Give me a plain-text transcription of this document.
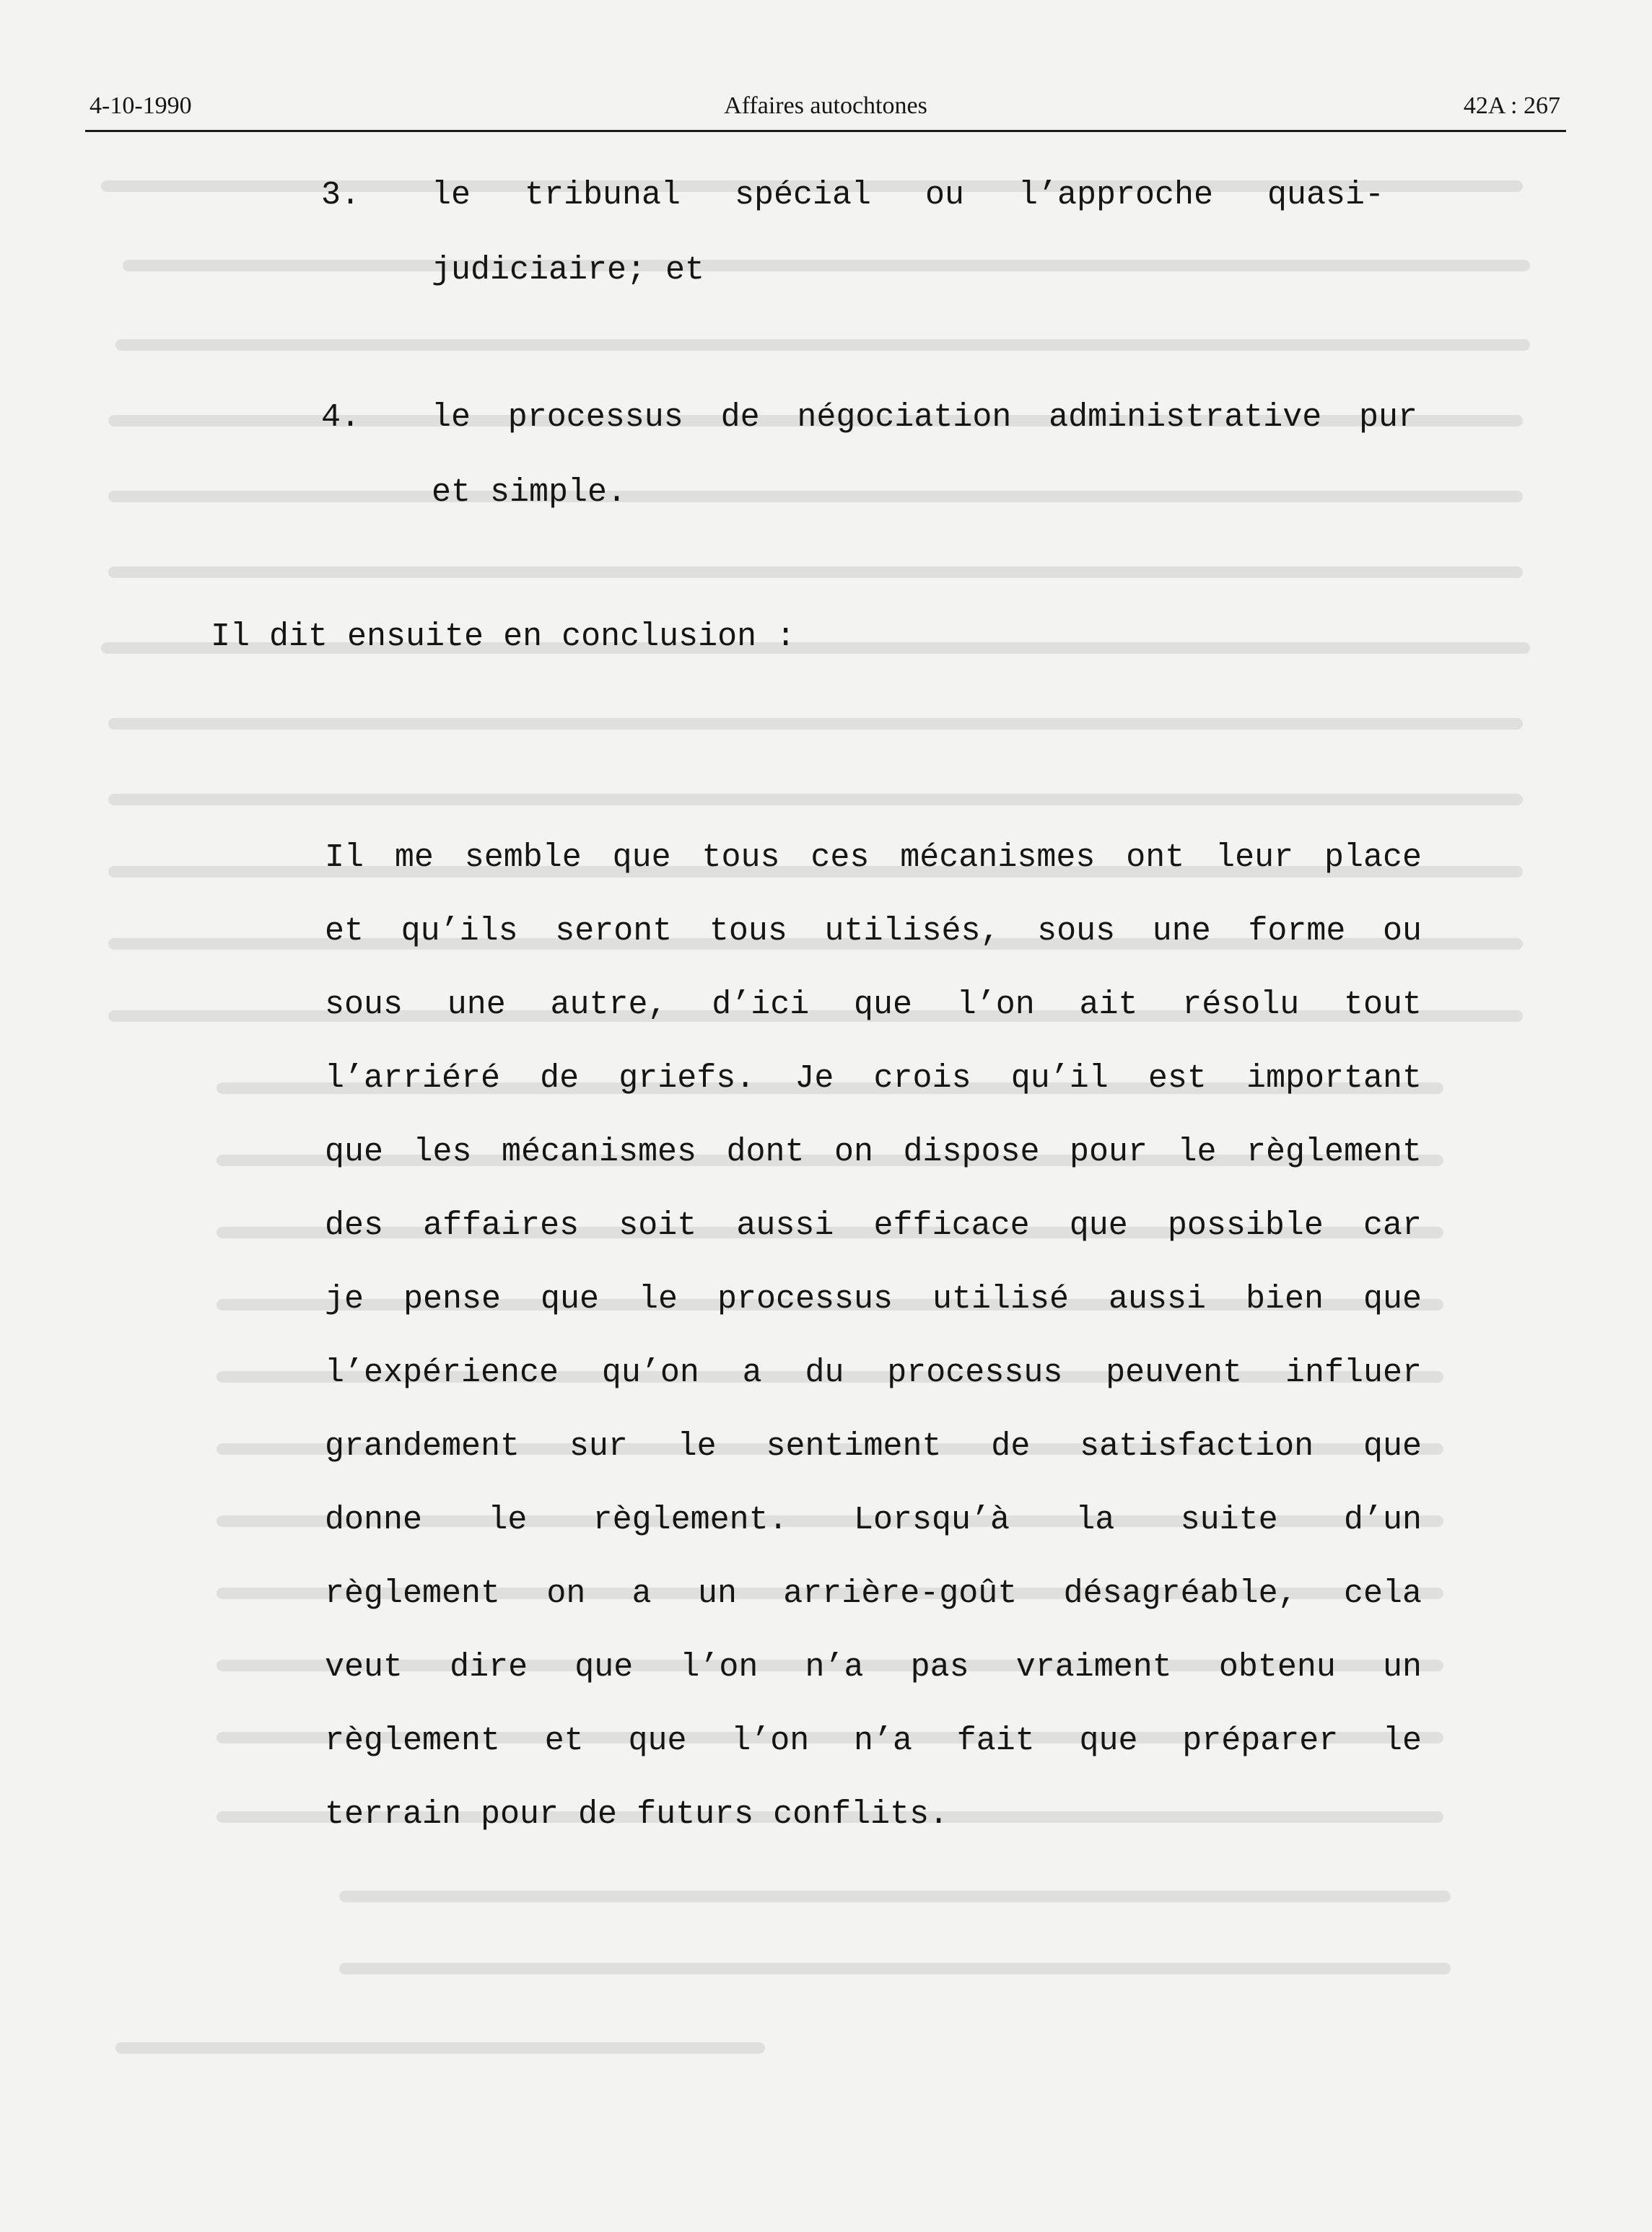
4-10-1990	Affaires autochtones	42A : 267
3. le tribunal spécial ou l’approche quasi-
judiciaire; et
4. le processus de négociation administrative pur
et simple.
Il dit ensuite en conclusion :
Il me semble que tous ces mécanismes ont leur place
et qu’ils seront tous utilisés, sous une forme ou
sous une autre, d’ici que l’on ait résolu tout
l’arriéré de griefs. Je crois qu’il est important
que les mécanismes dont on dispose pour le règlement
des affaires soit aussi efficace que possible car
je pense que le processus utilisé aussi bien que
l’expérience qu’on a du processus peuvent influer
grandement sur le sentiment de satisfaction que
donne le règlement. Lorsqu’à la suite d’un
règlement on a un arrière-goût désagréable, cela
veut dire que l’on n’a pas vraiment obtenu un
règlement et que l’on n’a fait que préparer le
terrain pour de futurs conflits.
